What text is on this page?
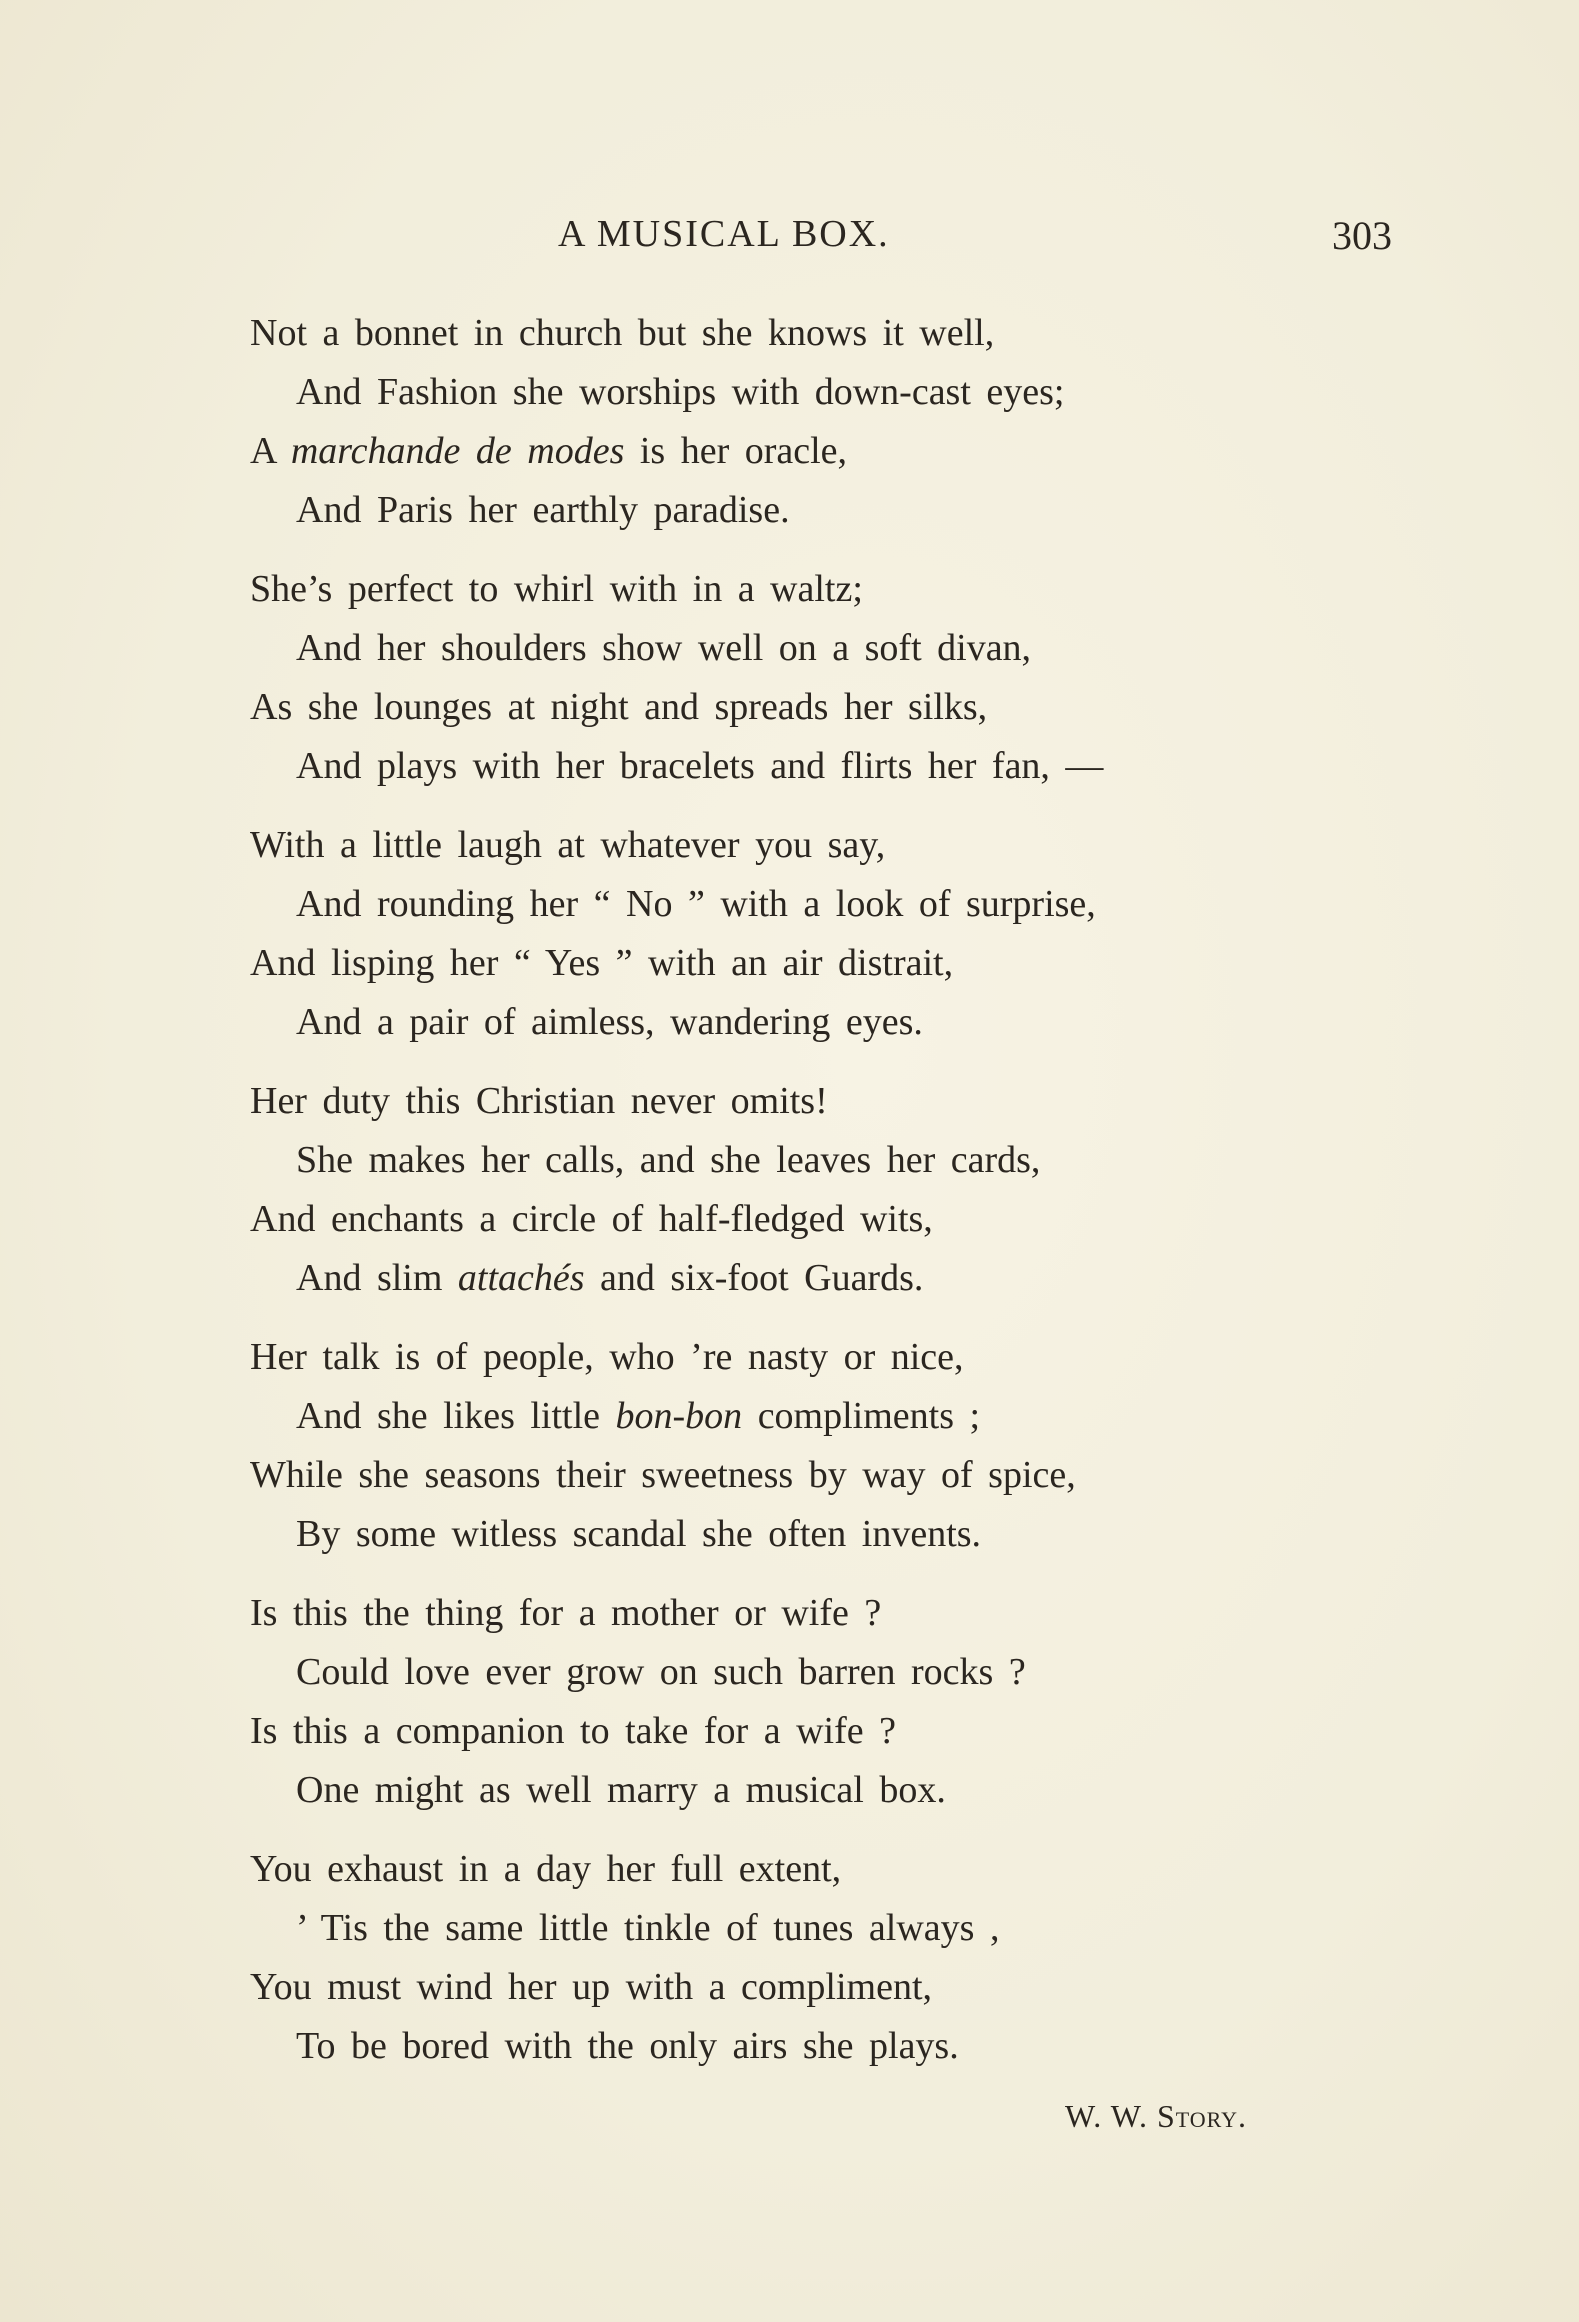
A MUSICAL BOX.	303
Not a bonnet in church but she knows it well,
And Fashion she worships with down-cast eyes;
A marchande de modes is her oracle,
And Paris her earthly paradise.
She’s perfect to whirl with in a waltz;
And her shoulders show well on a soft divan,
As she lounges at night and spreads her silks,
And plays with her bracelets and flirts her fan, —
With a little laugh at whatever you say,
And rounding her “ No ” with a look of surprise,
And lisping her “ Yes ” with an air distrait,
And a pair of aimless, wandering eyes.
Her duty this Christian never omits!
She makes her calls, and she leaves her cards,
And enchants a circle of half-fledged wits,
And slim attachés and six-foot Guards.
Her talk is of people, who ’re nasty or nice,
And she likes little bon-bon compliments ;
While she seasons their sweetness by way of spice,
By some witless scandal she often invents.
Is this the thing for a mother or wife ?
Could love ever grow on such barren rocks ?
Is this a companion to take for a wife ?
One might as well marry a musical box.
You exhaust in a day her full extent,
’ Tis the same little tinkle of tunes always ,
You must wind her up with a compliment,
To be bored with the only airs she plays.
W. W. Story.
